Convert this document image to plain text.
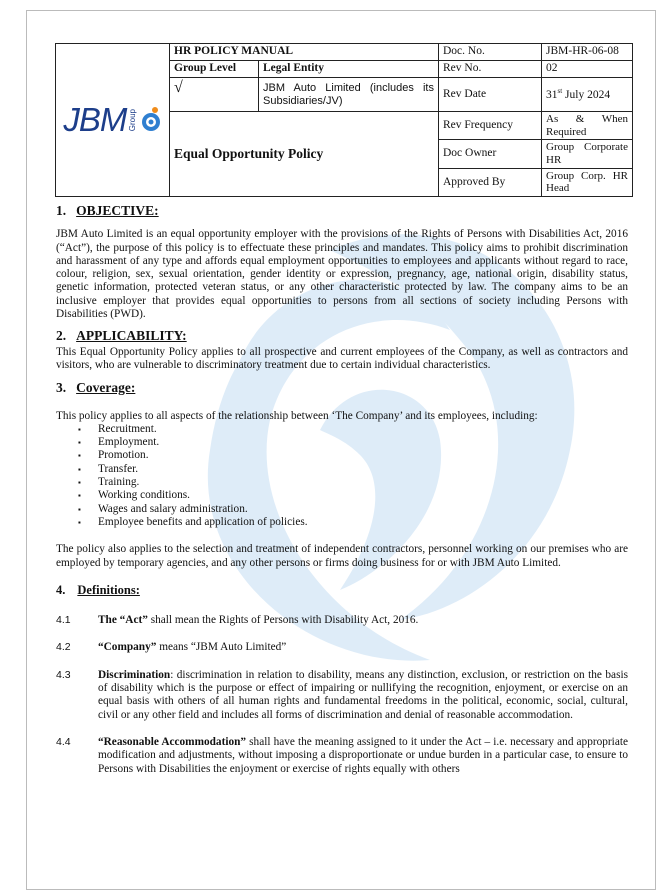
JBM Group	HR POLICY MANUAL		Doc. No.	JBM-HR-06-08
	Group Level	Legal Entity	Rev No.	02
	√	JBM Auto Limited (includes its Subsidiaries/JV)	Rev Date	31st July 2024
	Equal Opportunity Policy		Rev Frequency	As & When Required
			Doc Owner	Group Corporate HR
			Approved By	Group Corp. HR Head
1. OBJECTIVE:

JBM Auto Limited is an equal opportunity employer with the provisions of the Rights of Persons with Disabilities Act, 2016 (“Act”), the purpose of this policy is to effectuate these principles and mandates. This policy aims to prohibit discrimination and harassment of any type and affords equal employment opportunities to employees and applicants without regard to race, colour, religion, sex, sexual orientation, gender identity or expression, pregnancy, age, national origin, disability status, genetic information, protected veteran status, or any other characteristic protected by law. The company aims to be an inclusive employer that provides equal opportunities to persons from all sections of society including Persons with Disabilities (PWD).

2. APPLICABILITY:

This Equal Opportunity Policy applies to all prospective and current employees of the Company, as well as contractors and visitors, who are vulnerable to discriminatory treatment due to certain individual characteristics.

3. Coverage:

This policy applies to all aspects of the relationship between ‘The Company’ and its employees, including:

▪ Recruitment.
▪ Employment.
▪ Promotion.
▪ Transfer.
▪ Training.
▪ Working conditions.
▪ Wages and salary administration.
▪ Employee benefits and application of policies.

The policy also applies to the selection and treatment of independent contractors, personnel working on our premises who are employed by temporary agencies, and any other persons or firms doing business for or with JBM Auto Limited.

4. Definitions:
4.1	The “Act” shall mean the Rights of Persons with Disability Act, 2016.
4.2	“Company” means “JBM Auto Limited”
4.3	Discrimination: discrimination in relation to disability, means any distinction, exclusion, or restriction on the basis of disability which is the purpose or effect of impairing or nullifying the recognition, enjoyment, or exercise on an equal basis with others of all human rights and fundamental freedoms in the political, economic, social, cultural, civil or any other field and includes all forms of discrimination and denial of reasonable accommodation.
4.4	“Reasonable Accommodation” shall have the meaning assigned to it under the Act – i.e. necessary and appropriate modification and adjustments, without imposing a disproportionate or undue burden in a particular case, to ensure to Persons with Disabilities the enjoyment or exercise of rights equally with others
